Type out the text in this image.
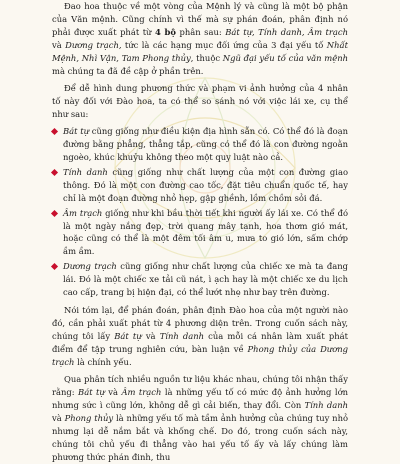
Đao hoa thuộc về một vòng của Mệnh lý và cũng là một bộ phận của Văn mệnh. Cũng chính vì thế mà sự phán đoán, phân định nó phải được xuất phát từ 4 bộ phân sau: Bát tự, Tính danh, Âm trạch và Dương trạch, tức là các hạng mục đối ứng của 3 đại yếu tố Nhất Mệnh, Nhì Vận, Tam Phong thủy, thuộc Ngũ đại yếu tố của văn mệnh mà chúng ta đã đề cập ở phần trên.

Để dễ hình dung phương thức và phạm vi ảnh hưởng của 4 nhân tố này đối với Đào hoa, ta có thể so sánh nó với việc lái xe, cụ thể như sau:

Bát tự cũng giống như điều kiện địa hình sẵn có. Có thể đó là đoạn đường bằng phẳng, thẳng tắp, cũng có thể đó là con đường ngoằn ngoèo, khúc khuỷu không theo một quy luật nào cả.
Tính danh cũng giống như chất lượng của một con đường giao thông. Đó là một con đường cao tốc, đặt tiêu chuẩn quốc tế, hay chỉ là một đoạn đường nhỏ hẹp, gập ghềnh, lồm chồm sỏi đá.
Âm trạch giống như khi bầu thời tiết khi người ấy lái xe. Có thể đó là một ngày nắng đẹp, trời quang mây tạnh, hoa thơm gió mát, hoặc cũng có thể là một đêm tối âm u, mưa to gió lớn, sấm chớp ầm ầm.
Dương trạch cũng giống như chất lượng của chiếc xe mà ta đang lái. Đó là một chiếc xe tải cũ nát, ì ạch hay là một chiếc xe du lịch cao cấp, trang bị hiện đại, có thể lướt nhẹ như bay trên đường.

Nói tóm lại, để phán đoán, phân định Đào hoa của một người nào đó, cần phải xuất phát từ 4 phương diện trên. Trong cuốn sách này, chúng tôi lấy Bát tự và Tính danh của mỗi cá nhân làm xuất phát điểm để tập trung nghiên cứu, bàn luận về Phong thủy của Dương trạch là chính yếu.

Qua phân tích nhiều nguồn tư liệu khác nhau, chúng tôi nhận thấy rằng: Bát tự và Âm trạch là những yếu tố có mức độ ảnh hưởng lớn nhưng sức ì cũng lớn, không dễ gì cải biến, thay đổi. Còn Tính danh và Phong thủy là những yếu tố mà tầm ảnh hưởng của chúng tuy nhỏ nhưng lại dễ nắm bắt và khống chế. Do đó, trong cuốn sách này, chúng tôi chủ yếu đi thẳng vào hai yếu tố ấy và lấy chúng làm phương thức phán đinh, thu
